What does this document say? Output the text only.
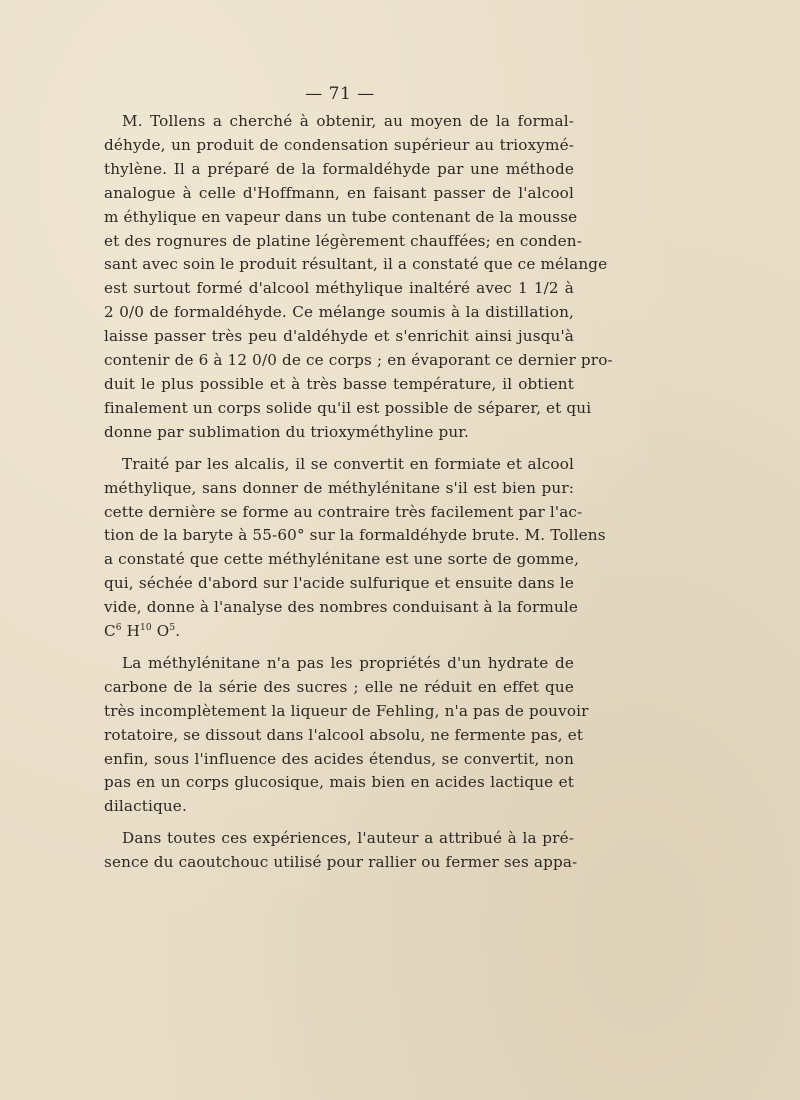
— 71 —
M. Tollens a cherché à obtenir, au moyen de la formal-
déhyde, un produit de condensation supérieur au trioxymé-
thylène. Il a préparé de la formaldéhyde par une méthode
analogue à celle d'Hoffmann, en faisant passer de l'alcool
m éthylique en vapeur dans un tube contenant de la mousse
et des rognures de platine légèrement chauffées; en conden-
sant avec soin le produit résultant, il a constaté que ce mélange
est surtout formé d'alcool méthylique inaltéré avec 1 1/2 à
2 0/0 de formaldéhyde. Ce mélange soumis à la distillation,
laisse passer très peu d'aldéhyde et s'enrichit ainsi jusqu'à
contenir de 6 à 12 0/0 de ce corps ; en évaporant ce dernier pro-
duit le plus possible et à très basse température, il obtient
finalement un corps solide qu'il est possible de séparer, et qui
donne par sublimation du trioxyméthyline pur.
Traité par les alcalis, il se convertit en formiate et alcool
méthylique, sans donner de méthylénitane s'il est bien pur:
cette dernière se forme au contraire très facilement par l'ac-
tion de la baryte à 55-60° sur la formaldéhyde brute. M. Tollens
a constaté que cette méthylénitane est une sorte de gomme,
qui, séchée d'abord sur l'acide sulfurique et ensuite dans le
vide, donne à l'analyse des nombres conduisant à la formule
$C^6$ $H^{10}$ $O^5$.
La méthylénitane n'a pas les propriétés d'un hydrate de
carbone de la série des sucres ; elle ne réduit en effet que
très incomplètement la liqueur de Fehling, n'a pas de pouvoir
rotatoire, se dissout dans l'alcool absolu, ne fermente pas, et
enfin, sous l'influence des acides étendus, se convertit, non
pas en un corps glucosique, mais bien en acides lactique et
dilactique.
Dans toutes ces expériences, l'auteur a attribué à la pré-
sence du caoutchouc utilisé pour rallier ou fermer ses appa-
